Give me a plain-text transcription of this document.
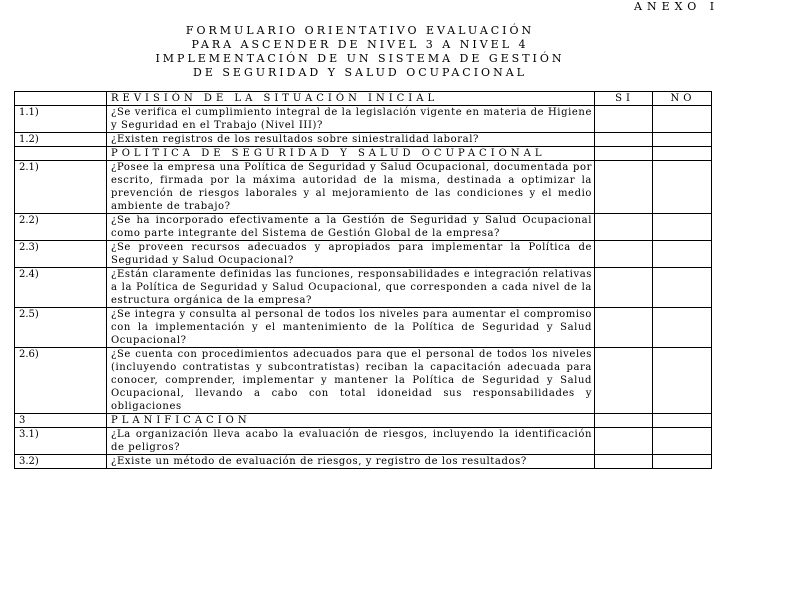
ANEXO I
FORMULARIO ORIENTATIVO EVALUACIÓN
PARA ASCENDER DE NIVEL 3 A NIVEL 4
IMPLEMENTACIÓN DE UN SISTEMA DE GESTIÓN
DE SEGURIDAD Y SALUD OCUPACIONAL
	REVISIÓN DE LA SITUACIÓN INICIAL	SI	NO
1.1)	¿Se verifica el cumplimiento integral de la legislación vigente en materia de Higiene y Seguridad en el Trabajo (Nivel III)?		
1.2)	¿Existen registros de los resultados sobre siniestralidad laboral?		
	POLITICA DE SEGURIDAD Y SALUD OCUPACIONAL		
2.1)	¿Posee la empresa una Política de Seguridad y Salud Ocupacional, documentada por escrito, firmada por la máxima autoridad de la misma, destinada a optimizar la prevención de riesgos laborales y al mejoramiento de las condiciones y el medio ambiente de trabajo?		
2.2)	¿Se ha incorporado efectivamente a la Gestión de Seguridad y Salud Ocupacional como parte integrante del Sistema de Gestión Global de la empresa?		
2.3)	¿Se proveen recursos adecuados y apropiados para implementar la Política de Seguridad y Salud Ocupacional?		
2.4)	¿Están claramente definidas las funciones, responsabilidades e integración relativas a la Política de Seguridad y Salud Ocupacional, que corresponden a cada nivel de la estructura orgánica de la empresa?		
2.5)	¿Se integra y consulta al personal de todos los niveles para aumentar el compromiso con la implementación y el mantenimiento de la Política de Seguridad y Salud Ocupacional?		
2.6)	¿Se cuenta con procedimientos adecuados para que el personal de todos los niveles (incluyendo contratistas y subcontratistas) reciban la capacitación adecuada para conocer, comprender, implementar y mantener la Política de Seguridad y Salud Ocupacional, llevando a cabo con total idoneidad sus responsabilidades y obligaciones		
3	PLANIFICACION		
3.1)	¿La organización lleva acabo la evaluación de riesgos, incluyendo la identificación de peligros?		
3.2)	¿Existe un método de evaluación de riesgos, y registro de los resultados?		
